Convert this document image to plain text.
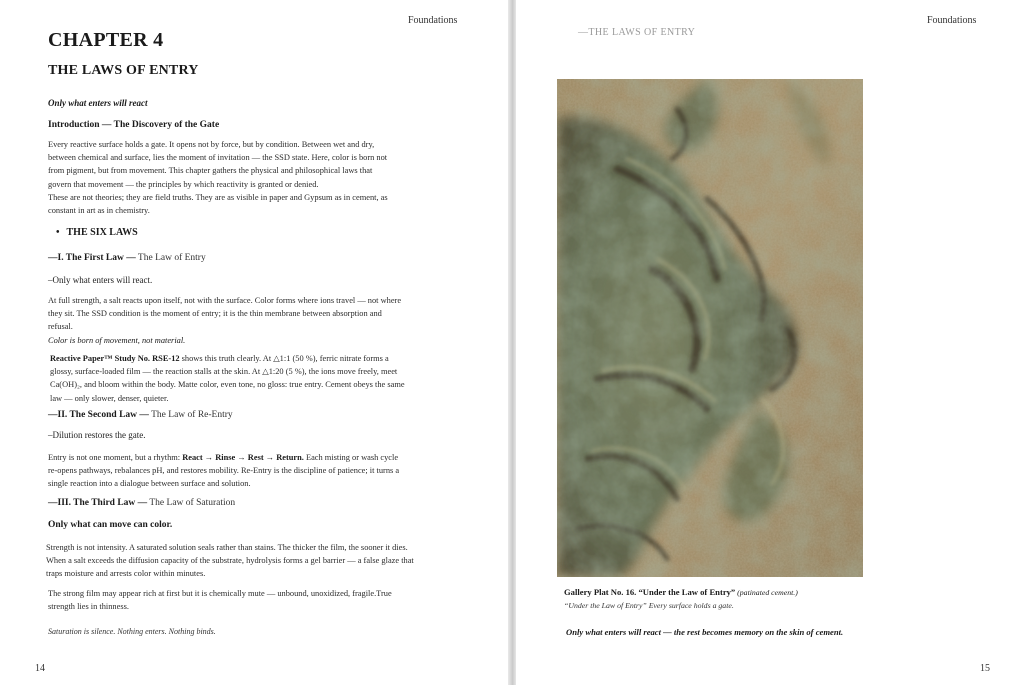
Foundations
CHAPTER 4
THE LAWS OF ENTRY

Only what enters will react

Introduction — The Discovery of the Gate

Every reactive surface holds a gate. It opens not by force, but by condition. Between wet and dry,
between chemical and surface, lies the moment of invitation — the SSD state. Here, color is born not
from pigment, but from movement. This chapter gathers the physical and philosophical laws that
govern that movement — the principles by which reactivity is granted or denied.
These are not theories; they are field truths. They are as visible in paper and Gypsum as in cement, as
constant in art as in chemistry.
• THE SIX LAWS
—I. The First Law — The Law of Entry
–Only what enters will react.
At full strength, a salt reacts upon itself, not with the surface. Color forms where ions travel — not where
they sit. The SSD condition is the moment of entry; it is the thin membrane between absorption and
refusal.
Color is born of movement, not material.
Reactive Paper™ Study No. RSE-12 shows this truth clearly. At △1:1 (50 %), ferric nitrate forms a
glossy, surface-loaded film — the reaction stalls at the skin. At △1:20 (5 %), the ions move freely, meet
Ca(OH)₂, and bloom within the body. Matte color, even tone, no gloss: true entry. Cement obeys the same
law — only slower, denser, quieter.
—II. The Second Law — The Law of Re-Entry
–Dilution restores the gate.
Entry is not one moment, but a rhythm: React → Rinse → Rest → Return. Each misting or wash cycle
re-opens pathways, rebalances pH, and restores mobility. Re-Entry is the discipline of patience; it turns a
single reaction into a dialogue between surface and solution.
—III. The Third Law — The Law of Saturation
Only what can move can color.
Strength is not intensity. A saturated solution seals rather than stains. The thicker the film, the sooner it dies.
When a salt exceeds the diffusion capacity of the substrate, hydrolysis forms a gel barrier — a false glaze that
traps moisture and arrests color within minutes.
The strong film may appear rich at first but it is chemically mute — unbound, unoxidized, fragile.True
strength lies in thinness.
Saturation is silence. Nothing enters. Nothing binds.
14
Foundations
—THE LAWS OF ENTRY
Gallery Plat No. 16. “Under the Law of Entry” (patinated cement.)
“Under the Law of Entry” Every surface holds a gate.
Only what enters will react — the rest becomes memory on the skin of cement.
15
